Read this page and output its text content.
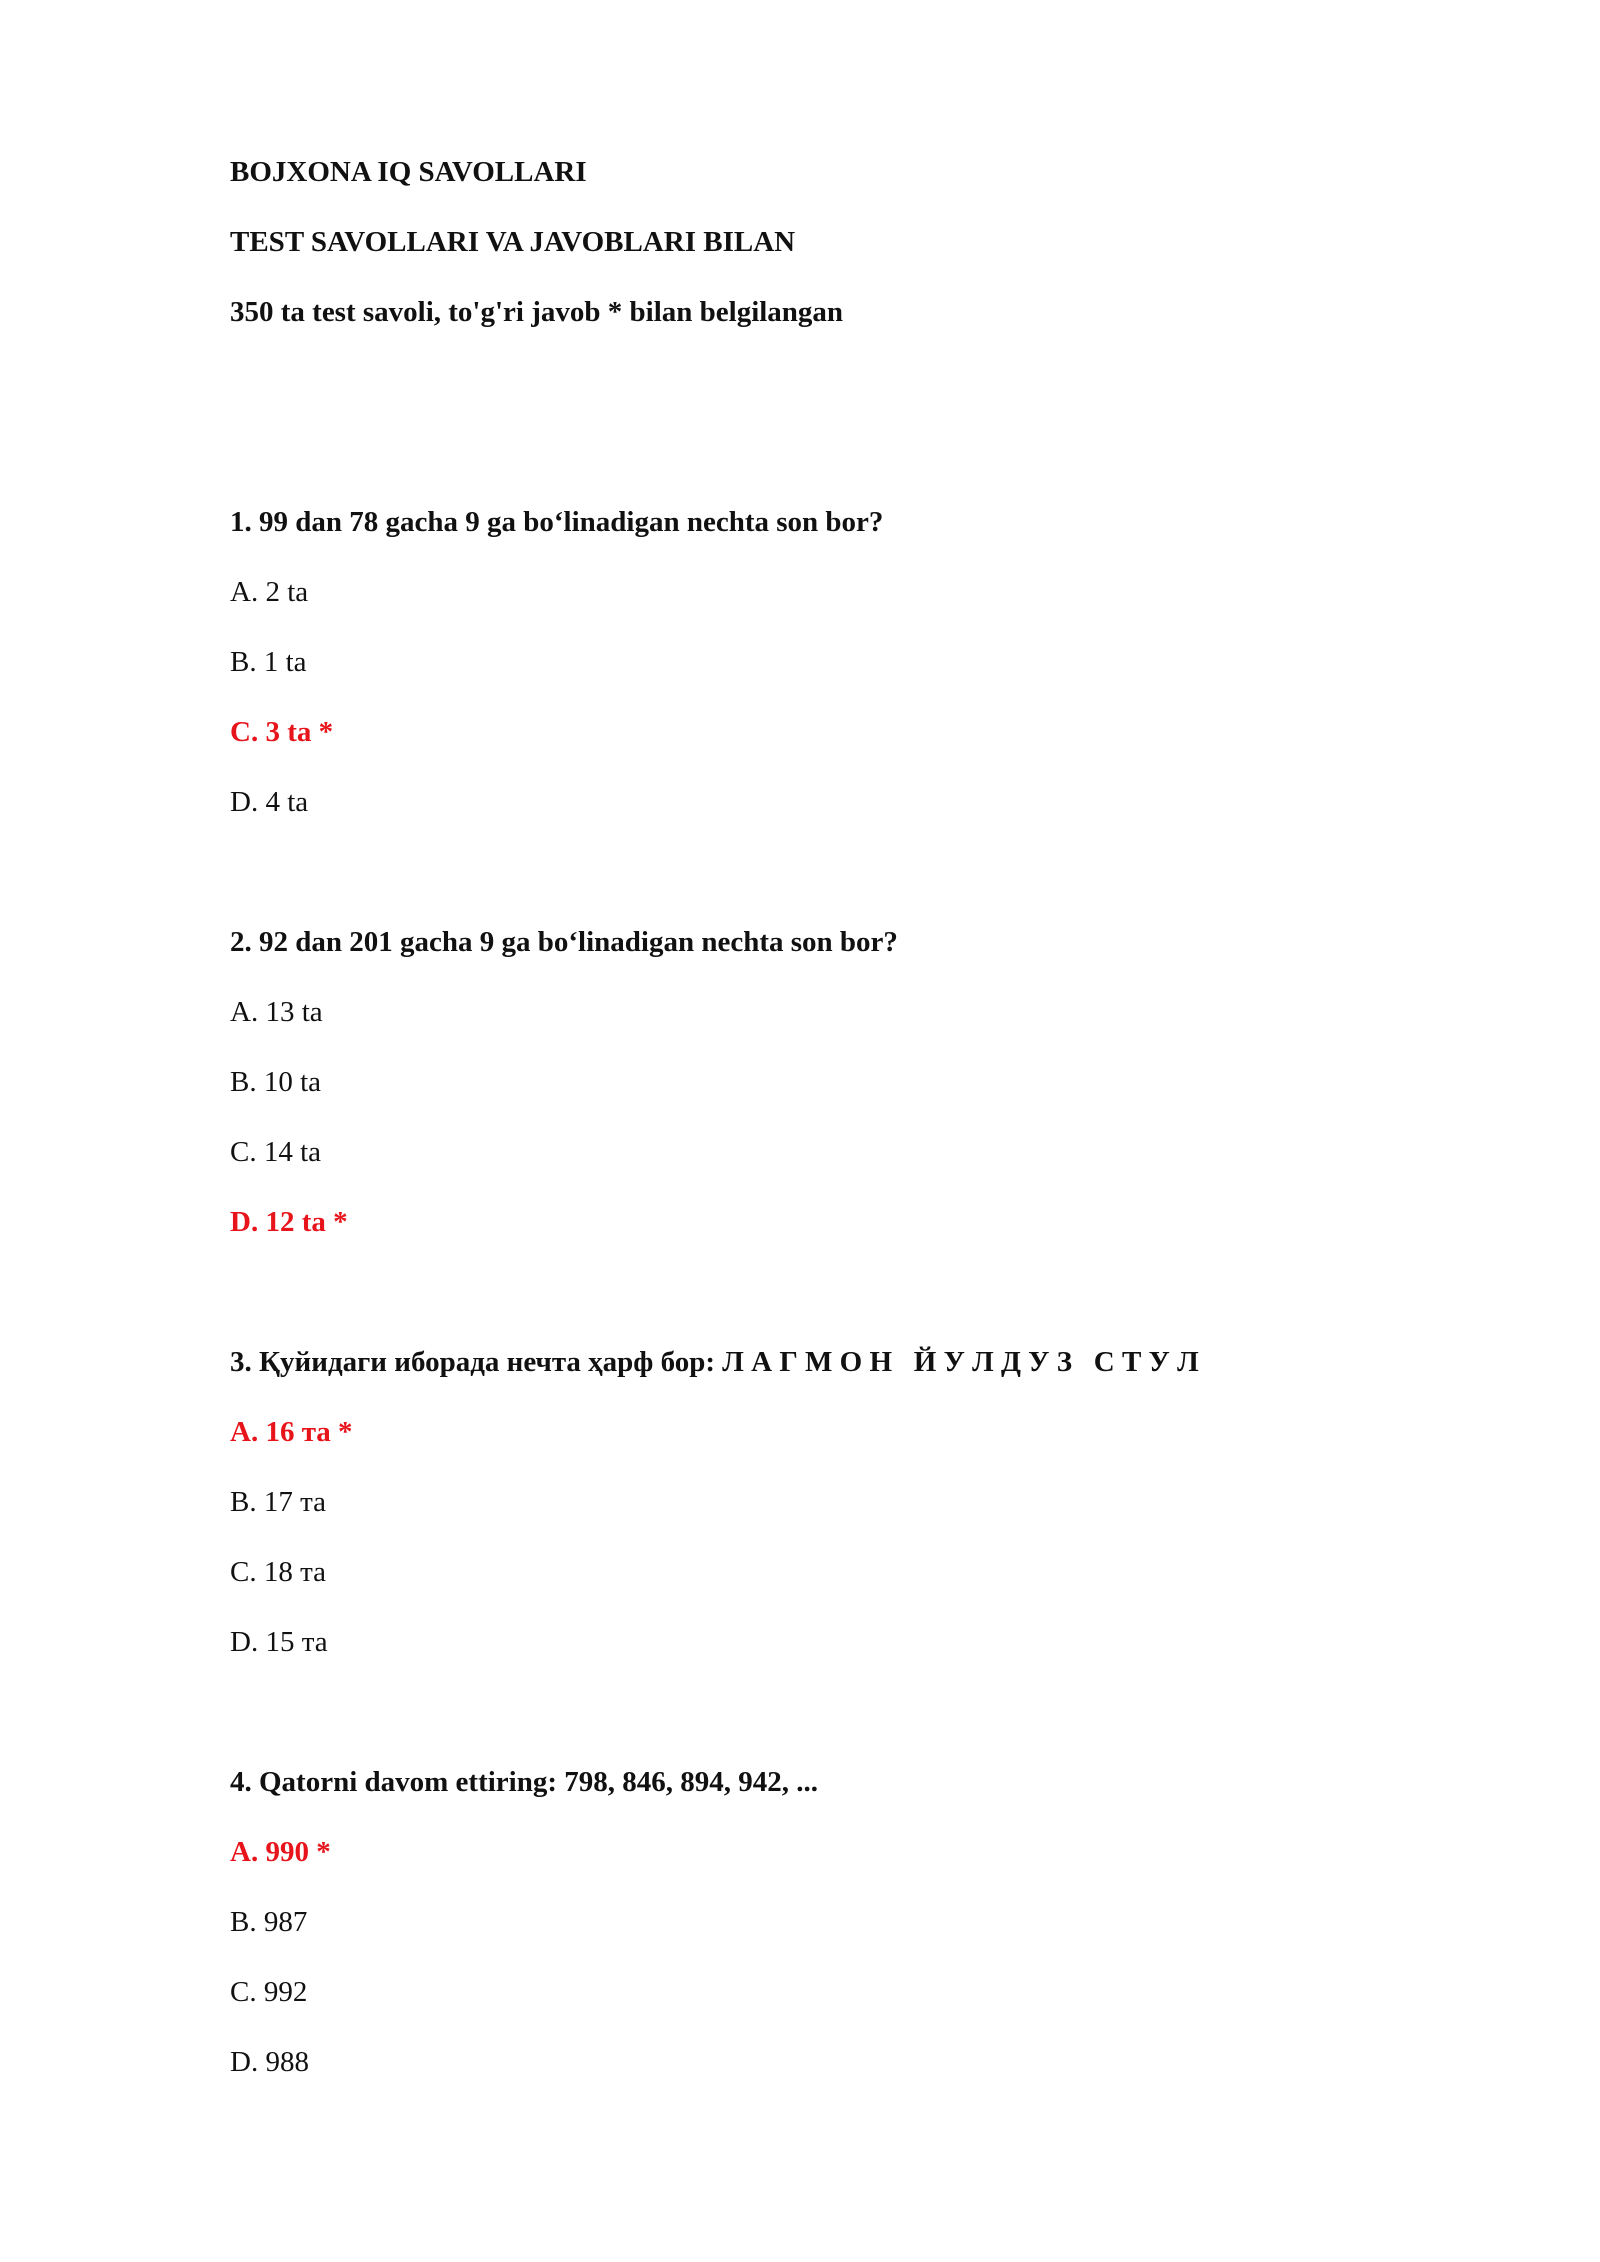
BOJXONA IQ SAVOLLARI
TEST SAVOLLARI VA JAVOBLARI BILAN
350 ta test savoli, to'g'ri javob * bilan belgilangan
1. 99 dan 78 gacha 9 ga bo‘linadigan nechta son bor?
A. 2 ta
B. 1 ta
C. 3 ta *
D. 4 ta
2. 92 dan 201 gacha 9 ga bo‘linadigan nechta son bor?
A. 13 ta
B. 10 ta
C. 14 ta
D. 12 ta *
3. Қуйидаги иборада нечта ҳарф бор: Л А Г М О Н   Й У Л Д У З   С Т У Л
A. 16 та *
B. 17 та
C. 18 та
D. 15 та
4. Qatorni davom ettiring: 798, 846, 894, 942, ...
A. 990 *
B. 987
C. 992
D. 988
